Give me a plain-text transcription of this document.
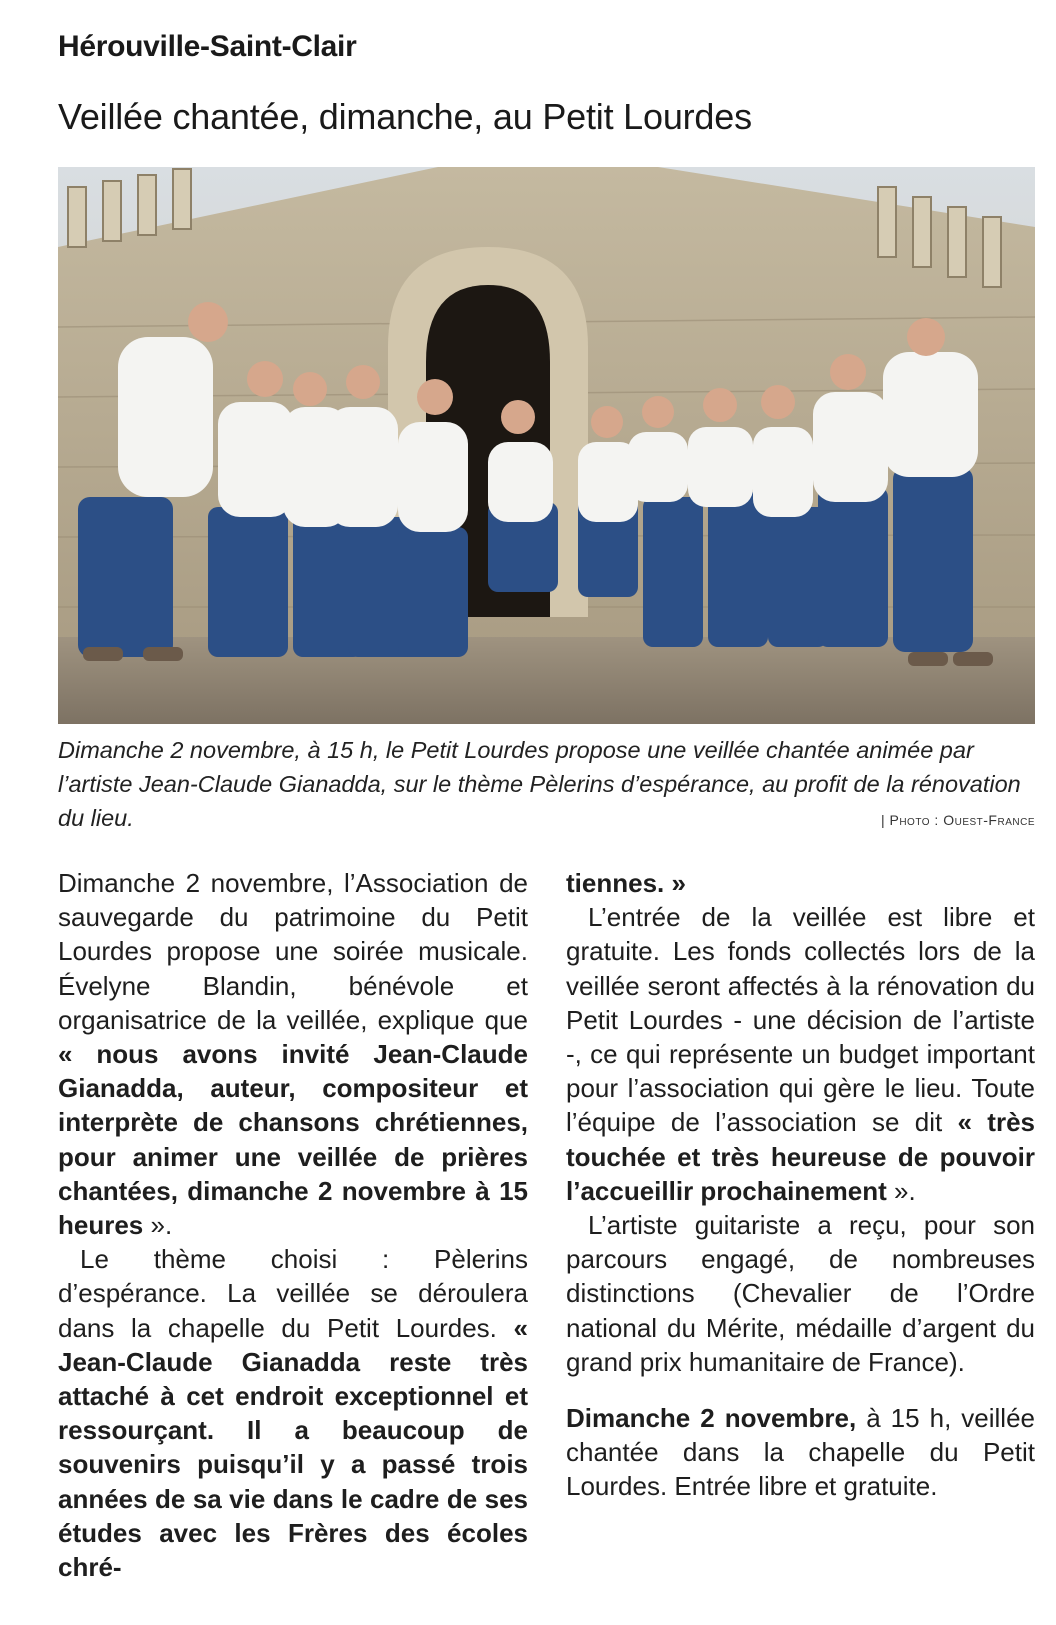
Hérouville-Saint-Clair
Veillée chantée, dimanche, au Petit Lourdes

Dimanche 2 novembre, à 15 h, le Petit Lourdes propose une veillée chantée animée par l’artiste Jean-Claude Gianadda, sur le thème Pèlerins d’espérance, au profit de la rénovation du lieu.	| Photo : Ouest-France

Dimanche 2 novembre, l’Association de sauvegarde du patrimoine du Petit Lourdes propose une soirée musicale. Évelyne Blandin, bénévole et organisatrice de la veillée, explique que « nous avons invité Jean-Claude Gianadda, auteur, compositeur et interprète de chansons chrétiennes, pour animer une veillée de prières chantées, dimanche 2 novembre à 15 heures ».

Le thème choisi : Pèlerins d’espérance. La veillée se déroulera dans la chapelle du Petit Lourdes. « Jean-Claude Gianadda reste très attaché à cet endroit exceptionnel et ressourçant. Il a beaucoup de souvenirs puisqu’il y a passé trois années de sa vie dans le cadre de ses études avec les Frères des écoles chré-

tiennes. »

L’entrée de la veillée est libre et gratuite. Les fonds collectés lors de la veillée seront affectés à la rénovation du Petit Lourdes - une décision de l’artiste -, ce qui représente un budget important pour l’association qui gère le lieu. Toute l’équipe de l’association se dit « très touchée et très heureuse de pouvoir l’accueillir prochainement ».

L’artiste guitariste a reçu, pour son parcours engagé, de nombreuses distinctions (Chevalier de l’Ordre national du Mérite, médaille d’argent du grand prix humanitaire de France).

Dimanche 2 novembre, à 15 h, veillée chantée dans la chapelle du Petit Lourdes. Entrée libre et gratuite.
